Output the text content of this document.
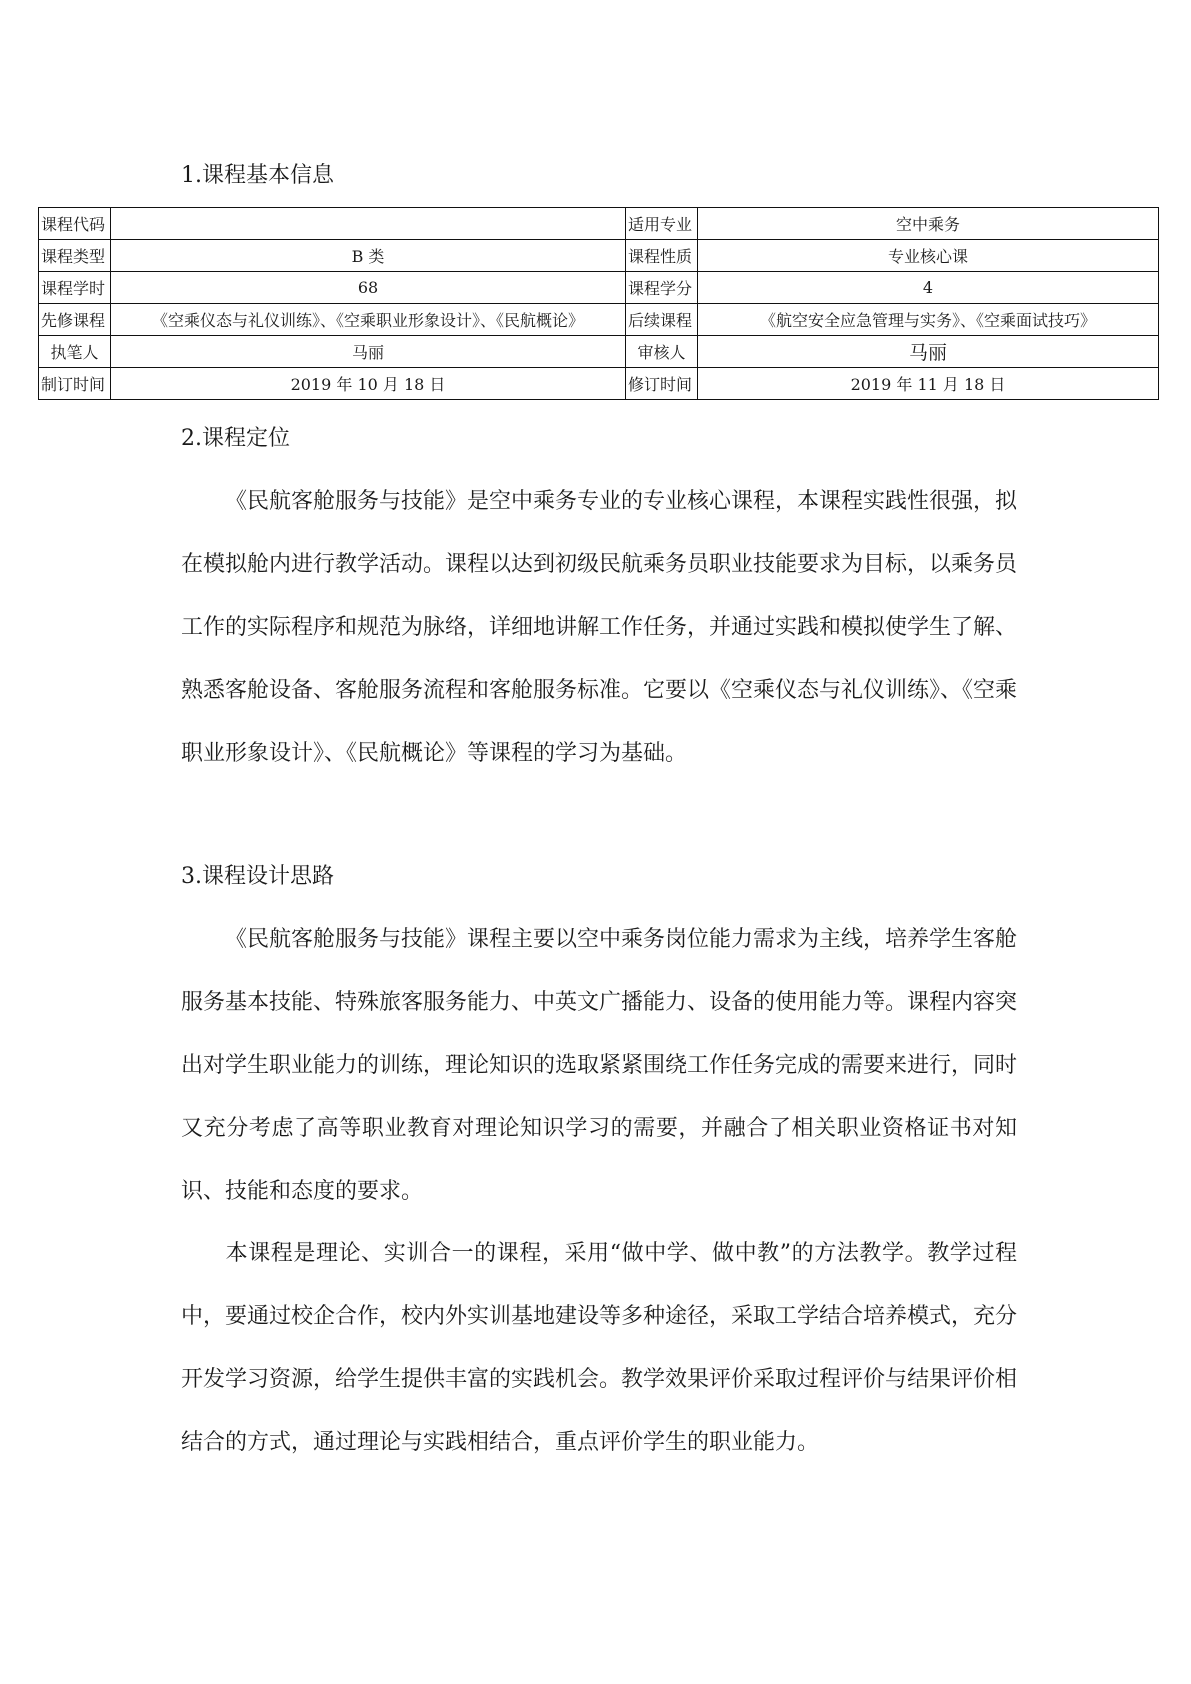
1.课程基本信息
课程代码		适用专业	空中乘务
课程类型	B 类	课程性质	专业核心课
课程学时	68	课程学分	4
先修课程	《空乘仪态与礼仪训练》、《空乘职业形象设计》、《民航概论》	后续课程	《航空安全应急管理与实务》、《空乘面试技巧》
执笔人	马丽	审核人	马丽
制订时间	2019 年 10 月 18 日	修订时间	2019 年 11 月 18 日
2.课程定位

《民航客舱服务与技能》是空中乘务专业的专业核心课程，本课程实践性很强，拟在模拟舱内进行教学活动。课程以达到初级民航乘务员职业技能要求为目标，以乘务员工作的实际程序和规范为脉络，详细地讲解工作任务，并通过实践和模拟使学生了解、熟悉客舱设备、客舱服务流程和客舱服务标准。它要以《空乘仪态与礼仪训练》、《空乘职业形象设计》、《民航概论》等课程的学习为基础。

3.课程设计思路

《民航客舱服务与技能》课程主要以空中乘务岗位能力需求为主线，培养学生客舱服务基本技能、特殊旅客服务能力、中英文广播能力、设备的使用能力等。课程内容突出对学生职业能力的训练，理论知识的选取紧紧围绕工作任务完成的需要来进行，同时又充分考虑了高等职业教育对理论知识学习的需要，并融合了相关职业资格证书对知识、技能和态度的要求。

本课程是理论、实训合一的课程，采用“做中学、做中教”的方法教学。教学过程中，要通过校企合作，校内外实训基地建设等多种途径，采取工学结合培养模式，充分开发学习资源，给学生提供丰富的实践机会。教学效果评价采取过程评价与结果评价相结合的方式，通过理论与实践相结合，重点评价学生的职业能力。
